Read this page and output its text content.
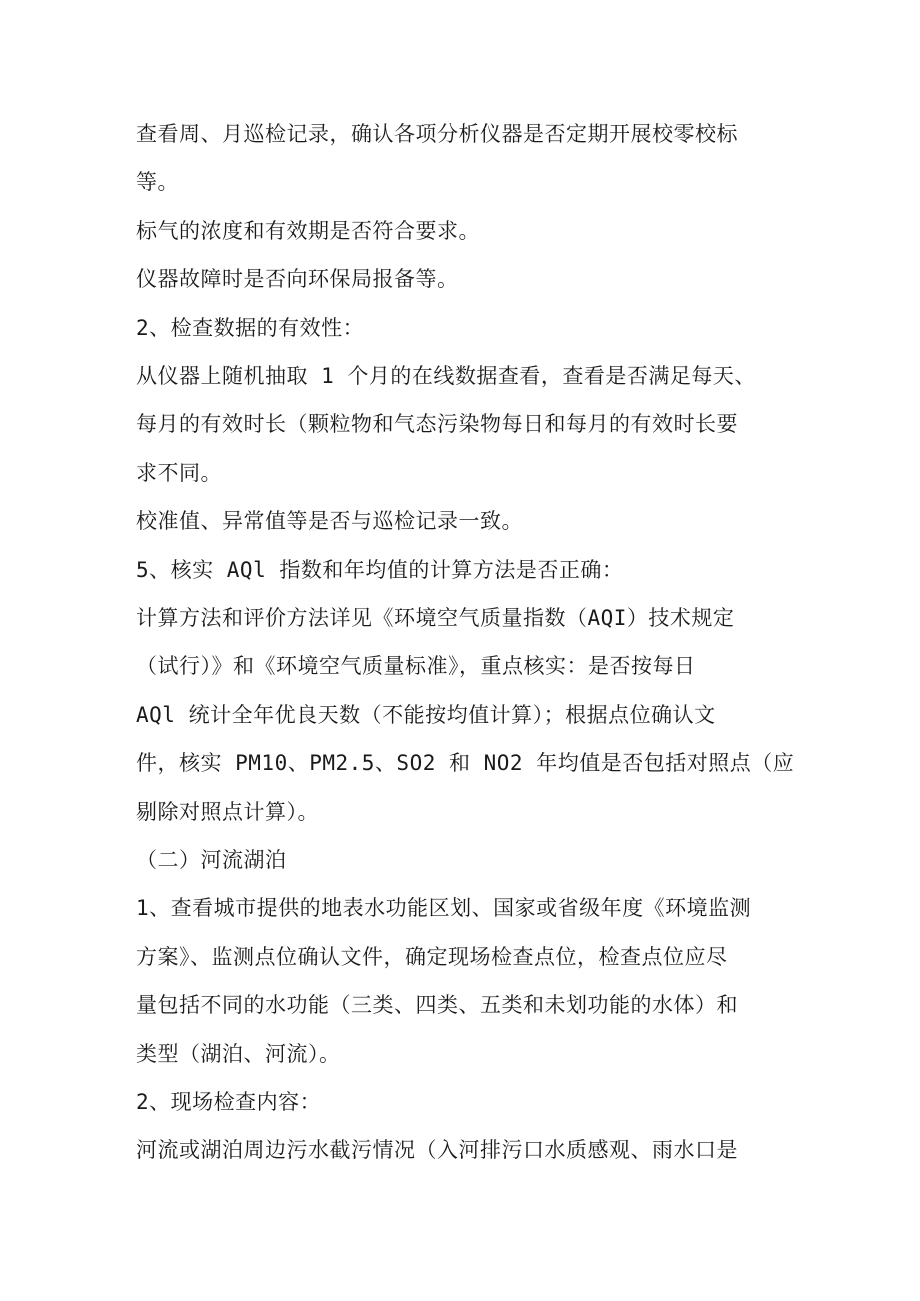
查看周、月巡检记录，确认各项分析仪器是否定期开展校零校标
等。
标气的浓度和有效期是否符合要求。
仪器故障时是否向环保局报备等。
2、检查数据的有效性：
从仪器上随机抽取 1 个月的在线数据查看，查看是否满足每天、
每月的有效时长（颗粒物和气态污染物每日和每月的有效时长要
求不同。
校准值、异常值等是否与巡检记录一致。
5、核实 AQl 指数和年均值的计算方法是否正确：
计算方法和评价方法详见《环境空气质量指数（AQI）技术规定
（试行）》和《环境空气质量标准》，重点核实：是否按每日
AQl 统计全年优良天数（不能按均值计算）；根据点位确认文
件，核实 PM10、PM2.5、SO2 和 NO2 年均值是否包括对照点（应
剔除对照点计算）。
（二）河流湖泊
1、查看城市提供的地表水功能区划、国家或省级年度《环境监测
方案》、监测点位确认文件，确定现场检查点位，检查点位应尽
量包括不同的水功能（三类、四类、五类和未划功能的水体）和
类型（湖泊、河流）。
2、现场检查内容：
河流或湖泊周边污水截污情况（入河排污口水质感观、雨水口是
